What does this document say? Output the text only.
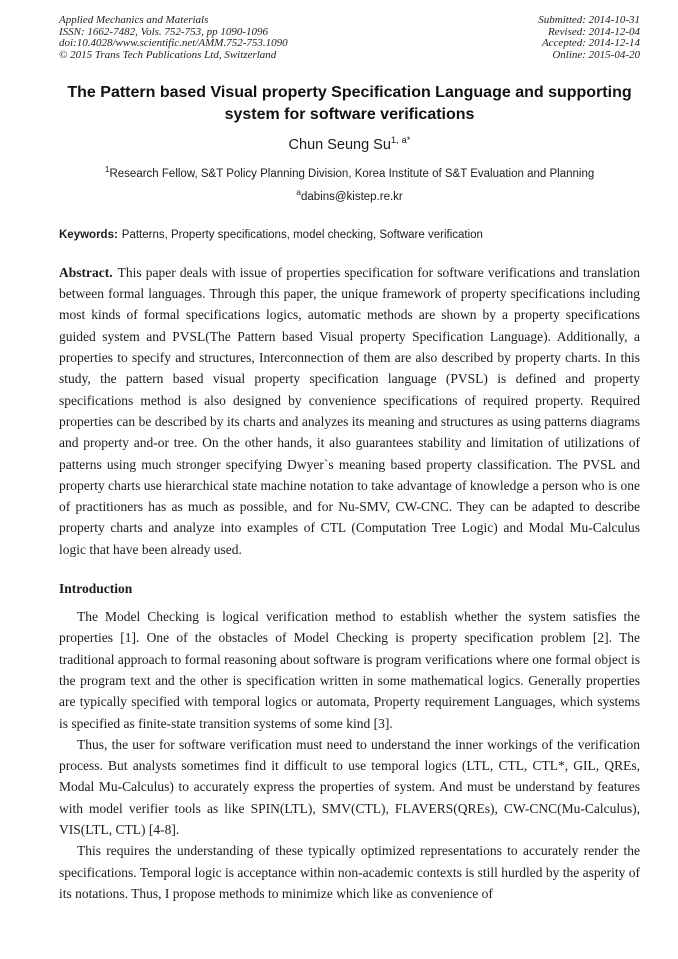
Applied Mechanics and Materials
ISSN: 1662-7482, Vols. 752-753, pp 1090-1096
doi:10.4028/www.scientific.net/AMM.752-753.1090
© 2015 Trans Tech Publications Ltd, Switzerland
Submitted: 2014-10-31
Revised: 2014-12-04
Accepted: 2014-12-14
Online: 2015-04-20
The Pattern based Visual property Specification Language and supporting system for software verifications
Chun Seung $Su^{1, a*}$
$^1$Research Fellow, S&T Policy Planning Division, Korea Institute of S&T Evaluation and Planning
$^a$dabins@kistep.re.kr
Keywords: Patterns, Property specifications, model checking, Software verification
Abstract. This paper deals with issue of properties specification for software verifications and translation between formal languages. Through this paper, the unique framework of property specifications including most kinds of formal specifications logics, automatic methods are shown by a property specifications guided system and PVSL(The Pattern based Visual property Specification Language). Additionally, a properties to specify and structures, Interconnection of them are also described by property charts. In this study, the pattern based visual property specification language (PVSL) is defined and property specifications method is also designed by convenience specifications of required property. Required properties can be described by its charts and analyzes its meaning and structures as using patterns diagrams and property and-or tree. On the other hands, it also guarantees stability and limitation of utilizations of patterns using much stronger specifying Dwyer`s meaning based property classification. The PVSL and property charts use hierarchical state machine notation to take advantage of knowledge a person who is one of practitioners has as much as possible, and for Nu-SMV, CW-CNC. They can be adapted to describe property charts and analyze into examples of CTL (Computation Tree Logic) and Modal Mu-Calculus logic that have been already used.
Introduction

The Model Checking is logical verification method to establish whether the system satisfies the properties [1]. One of the obstacles of Model Checking is property specification problem [2]. The traditional approach to formal reasoning about software is program verifications where one formal object is the program text and the other is specification written in some mathematical logics. Generally properties are typically specified with temporal logics or automata, Property requirement Languages, which systems is specified as finite-state transition systems of some kind [3].

Thus, the user for software verification must need to understand the inner workings of the verification process. But analysts sometimes find it difficult to use temporal logics (LTL, CTL, CTL*, GIL, QREs, Modal Mu-Calculus) to accurately express the properties of system. And must be understand by features with model verifier tools as like SPIN(LTL), SMV(CTL), FLAVERS(QREs), CW-CNC(Mu-Calculus), VIS(LTL, CTL) [4-8].

This requires the understanding of these typically optimized representations to accurately render the specifications. Temporal logic is acceptance within non-academic contexts is still hurdled by the asperity of its notations. Thus, I propose methods to minimize which like as convenience of
